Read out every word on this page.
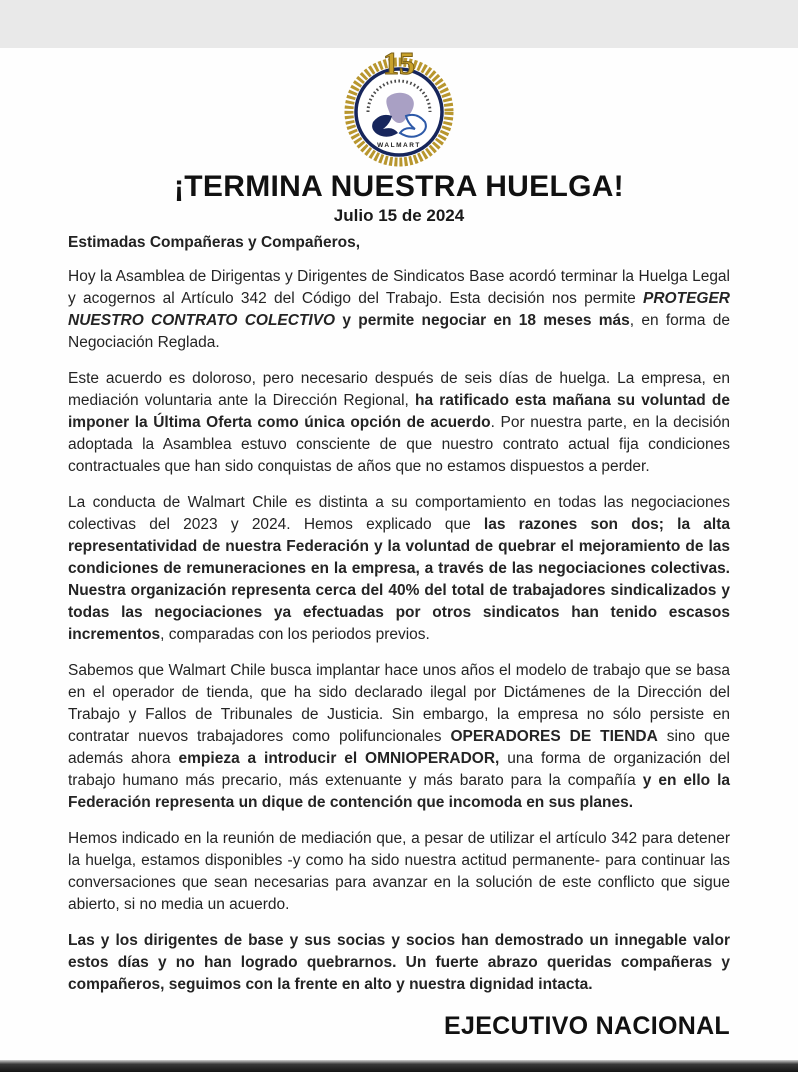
WALMART
15
¡TERMINA NUESTRA HUELGA!
Julio 15 de 2024
Estimadas Compañeras y Compañeros,
Hoy la Asamblea de Dirigentas y Dirigentes de Sindicatos Base acordó terminar la Huelga Legal y acogernos al Artículo 342 del Código del Trabajo. Esta decisión nos permite PROTEGER NUESTRO CONTRATO COLECTIVO y permite negociar en 18 meses más, en forma de Negociación Reglada.
Este acuerdo es doloroso, pero necesario después de seis días de huelga. La empresa, en mediación voluntaria ante la Dirección Regional, ha ratificado esta mañana su voluntad de imponer la Última Oferta como única opción de acuerdo. Por nuestra parte, en la decisión adoptada la Asamblea estuvo consciente de que nuestro contrato actual fija condiciones contractuales que han sido conquistas de años que no estamos dispuestos a perder.
La conducta de Walmart Chile es distinta a su comportamiento en todas las negociaciones colectivas del 2023 y 2024. Hemos explicado que las razones son dos; la alta representatividad de nuestra Federación y la voluntad de quebrar el mejoramiento de las condiciones de remuneraciones en la empresa, a través de las negociaciones colectivas. Nuestra organización representa cerca del 40% del total de trabajadores sindicalizados y todas las negociaciones ya efectuadas por otros sindicatos han tenido escasos incrementos, comparadas con los periodos previos.
Sabemos que Walmart Chile busca implantar hace unos años el modelo de trabajo que se basa en el operador de tienda, que ha sido declarado ilegal por Dictámenes de la Dirección del Trabajo y Fallos de Tribunales de Justicia. Sin embargo, la empresa no sólo persiste en contratar nuevos trabajadores como polifuncionales OPERADORES DE TIENDA sino que además ahora empieza a introducir el OMNIOPERADOR, una forma de organización del trabajo humano más precario, más extenuante y más barato para la compañía y en ello la Federación representa un dique de contención que incomoda en sus planes.
Hemos indicado en la reunión de mediación que, a pesar de utilizar el artículo 342 para detener la huelga, estamos disponibles -y como ha sido nuestra actitud permanente- para continuar las conversaciones que sean necesarias para avanzar en la solución de este conflicto que sigue abierto, si no media un acuerdo.
Las y los dirigentes de base y sus socias y socios han demostrado un innegable valor estos días y no han logrado quebrarnos. Un fuerte abrazo queridas compañeras y compañeros, seguimos con la frente en alto y nuestra dignidad intacta.
EJECUTIVO NACIONAL
